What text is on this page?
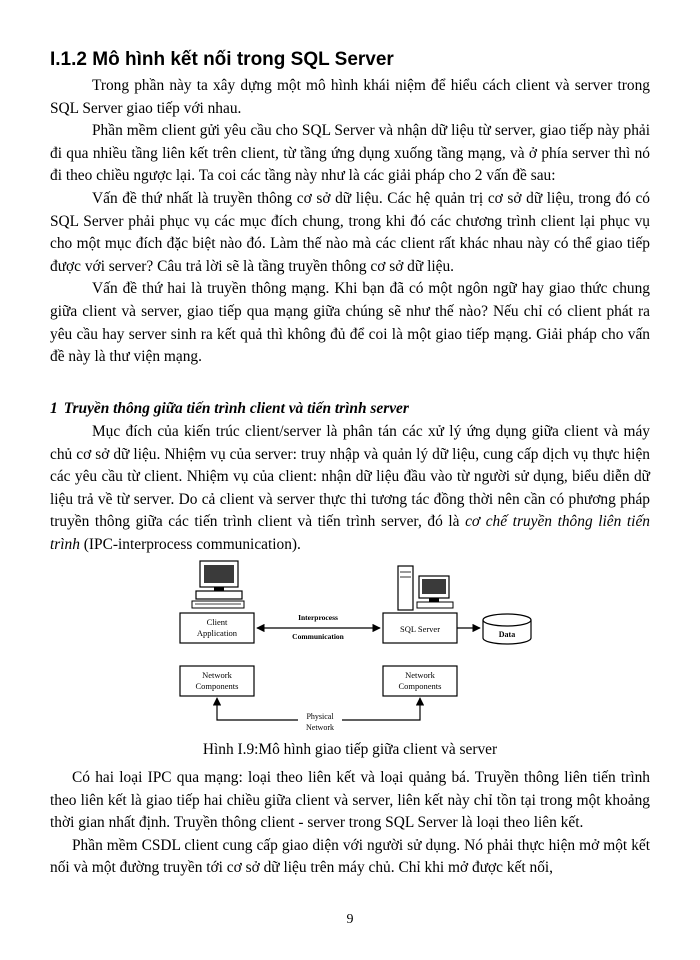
I.1.2 Mô hình kết nối trong SQL Server

Trong phần này ta xây dựng một mô hình khái niệm để hiểu cách client và server trong SQL Server giao tiếp với nhau.

Phần mềm client gửi yêu cầu cho SQL Server và nhận dữ liệu từ server, giao tiếp này phải đi qua nhiều tầng liên kết trên client, từ tầng ứng dụng xuống tầng mạng, và ở phía server thì nó đi theo chiều ngược lại. Ta coi các tầng này như là các giải pháp cho 2 vấn đề sau:

Vấn đề thứ nhất là truyền thông cơ sở dữ liệu. Các hệ quản trị cơ sở dữ liệu, trong đó có SQL Server phải phục vụ các mục đích chung, trong khi đó các chương trình client lại phục vụ cho một mục đích đặc biệt nào đó. Làm thế nào mà các client rất khác nhau này có thể giao tiếp được với server? Câu trả lời sẽ là tầng truyền thông cơ sở dữ liệu.

Vấn đề thứ hai là truyền thông mạng. Khi bạn đã có một ngôn ngữ hay giao thức chung giữa client và server, giao tiếp qua mạng giữa chúng sẽ như thế nào? Nếu chỉ có client phát ra yêu cầu hay server sinh ra kết quả thì không đủ để coi là một giao tiếp mạng. Giải pháp cho vấn đề này là thư viện mạng.

1 Truyền thông giữa tiến trình client và tiến trình server

Mục đích của kiến trúc client/server là phân tán các xử lý ứng dụng giữa client và máy chủ cơ sở dữ liệu. Nhiệm vụ của server: truy nhập và quản lý dữ liệu, cung cấp dịch vụ thực hiện các yêu cầu từ client. Nhiệm vụ của client: nhận dữ liệu đầu vào từ người sử dụng, biểu diễn dữ liệu trả về từ server. Do cả client và server thực thi tương tác đồng thời nên cần có phương pháp truyền thông giữa các tiến trình client và tiến trình server, đó là cơ chế truyền thông liên tiến trình (IPC-interprocess communication).

Client
Application	SQL Server
Interprocess
Communication	Data
Network
Components
Network
Components
Physical
Network
Hình I.9:Mô hình giao tiếp giữa client và server

Có hai loại IPC qua mạng: loại theo liên kết và loại quảng bá. Truyền thông liên tiến trình theo liên kết là giao tiếp hai chiều giữa client và server, liên kết này chỉ tồn tại trong một khoảng thời gian nhất định. Truyền thông client - server trong SQL Server là loại theo liên kết.

Phần mềm CSDL client cung cấp giao diện với người sử dụng. Nó phải thực hiện mở một kết nối và một đường truyền tới cơ sở dữ liệu trên máy chủ. Chỉ khi mở được kết nối,

9
